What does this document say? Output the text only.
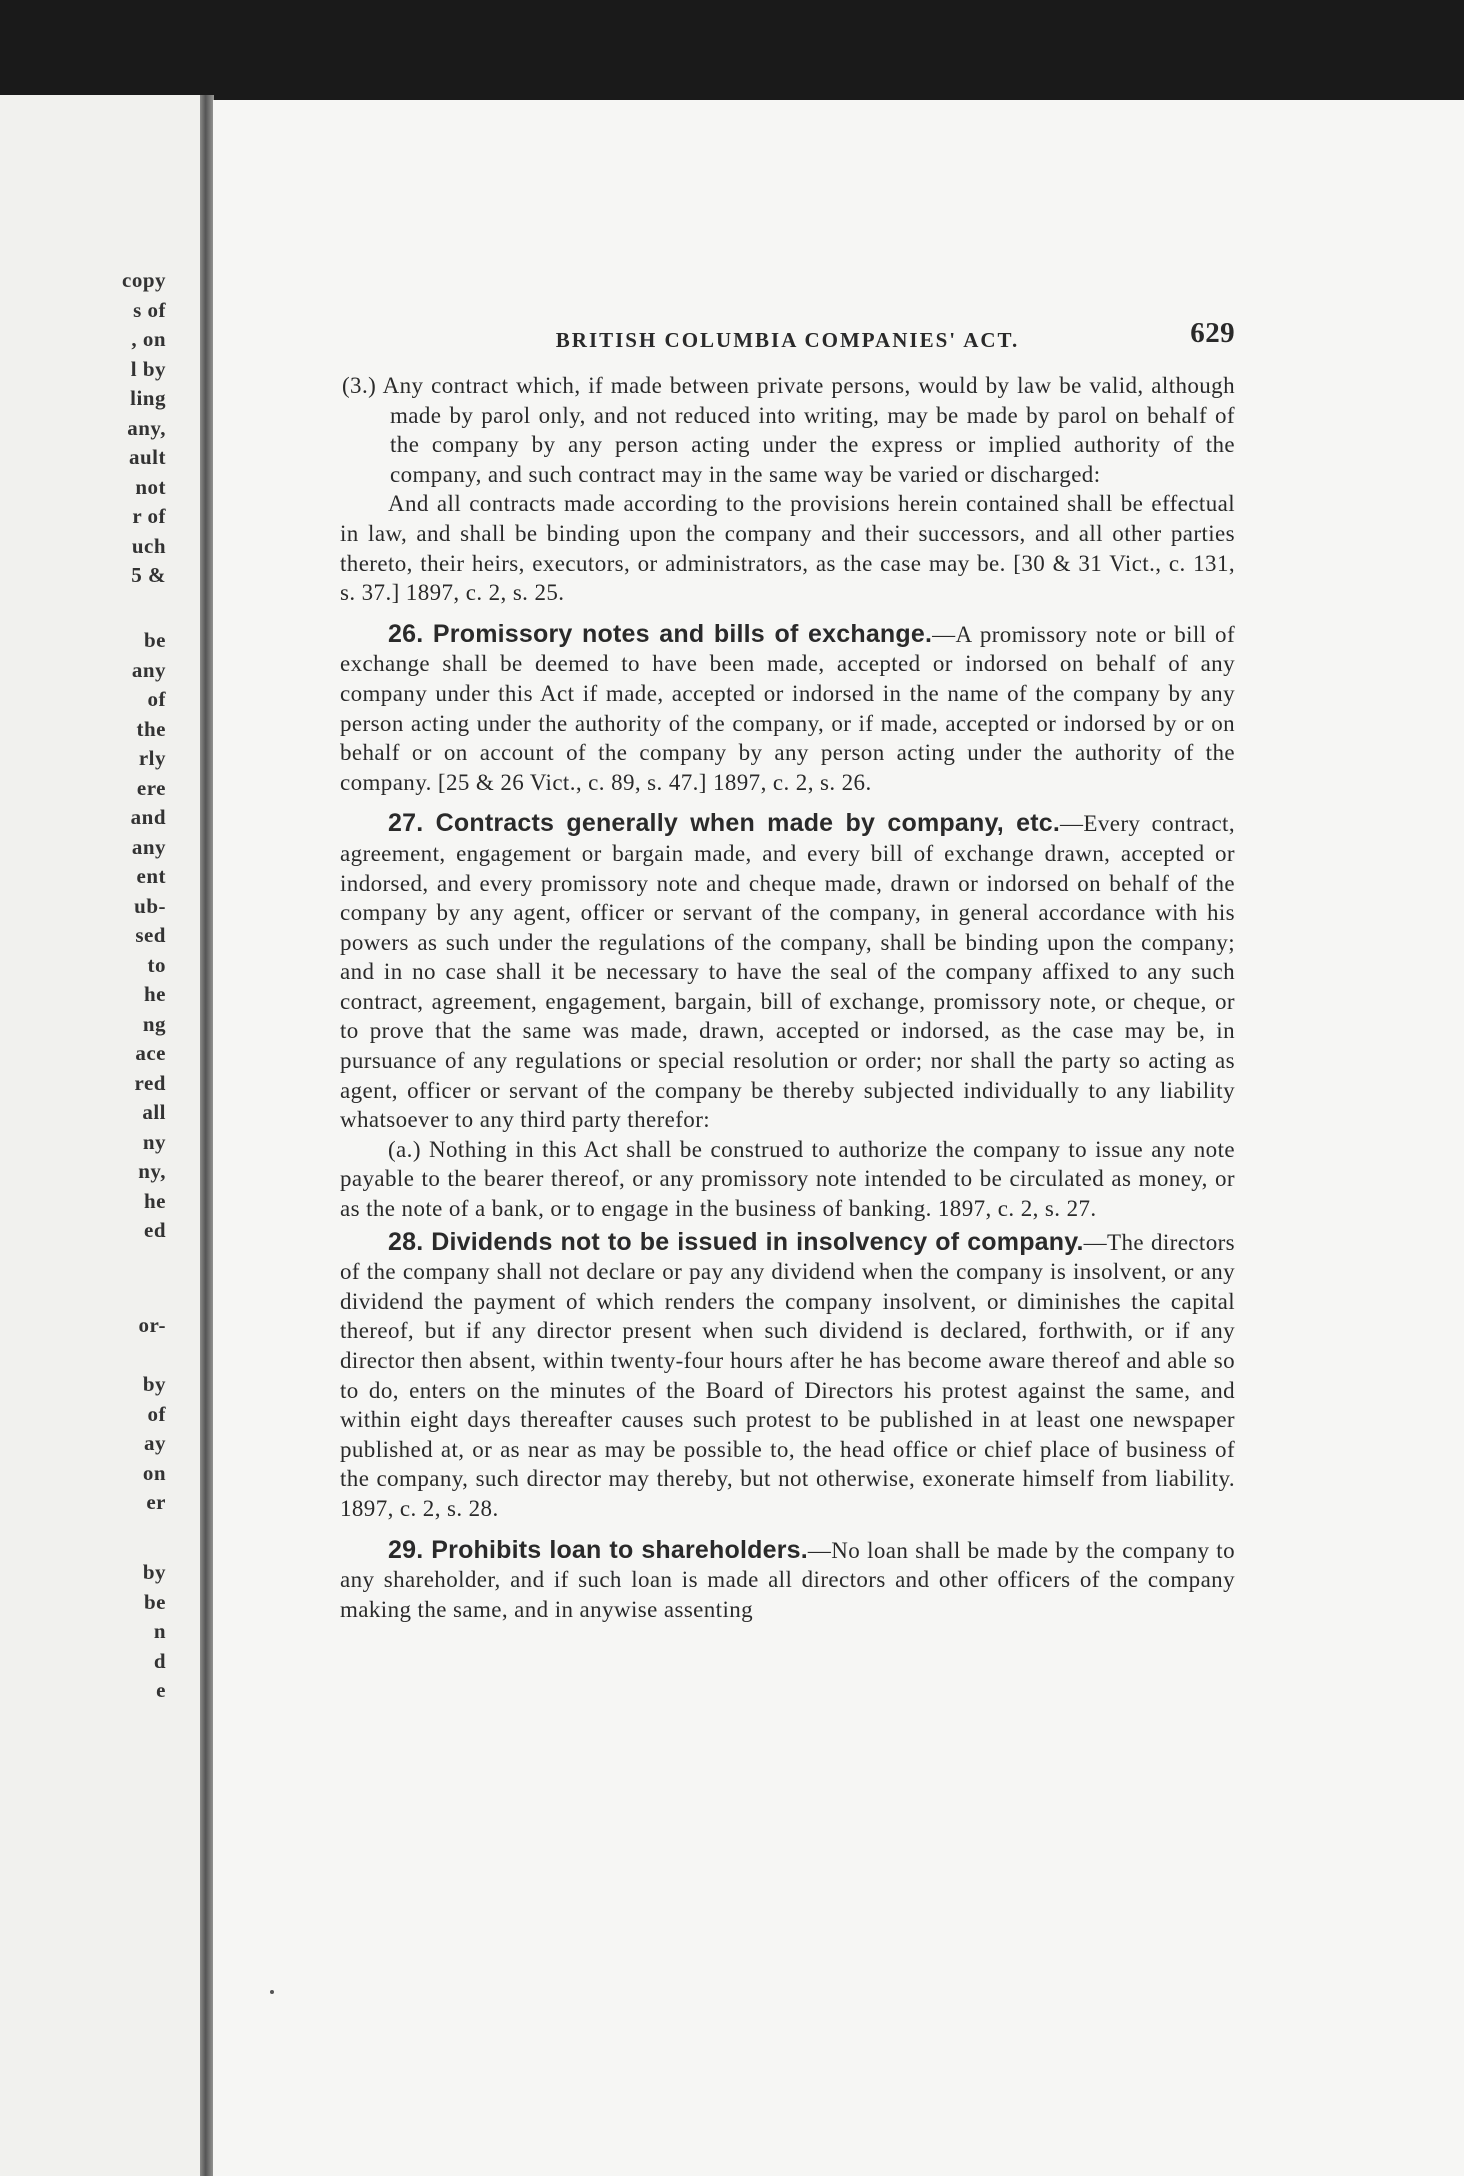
copy
s of
, on
l by
ling
any,
ault
not
r of
uch
5 &
be
any
of
the
rly
ere
and
any
ent
ub-
sed
to
he
ng
ace
red
all
ny
ny,
he
ed
or-
by
of
ay
on
er
by
be
n
d
e
BRITISH COLUMBIA COMPANIES' ACT.	629

(3.) Any contract which, if made between private persons, would by law be valid, although made by parol only, and not reduced into writing, may be made by parol on behalf of the company by any person acting under the express or implied authority of the company, and such contract may in the same way be varied or discharged:

And all contracts made according to the provisions herein contained shall be effectual in law, and shall be binding upon the company and their successors, and all other parties thereto, their heirs, executors, or administrators, as the case may be. [30 & 31 Vict., c. 131, s. 37.] 1897, c. 2, s. 25.

26. Promissory notes and bills of exchange.—A promissory note or bill of exchange shall be deemed to have been made, accepted or indorsed on behalf of any company under this Act if made, accepted or indorsed in the name of the company by any person acting under the authority of the company, or if made, accepted or indorsed by or on behalf or on account of the company by any person acting under the authority of the company. [25 & 26 Vict., c. 89, s. 47.] 1897, c. 2, s. 26.

27. Contracts generally when made by company, etc.—Every contract, agreement, engagement or bargain made, and every bill of exchange drawn, accepted or indorsed, and every promissory note and cheque made, drawn or indorsed on behalf of the company by any agent, officer or servant of the company, in general accordance with his powers as such under the regulations of the company, shall be binding upon the company; and in no case shall it be necessary to have the seal of the company affixed to any such contract, agreement, engagement, bargain, bill of exchange, promissory note, or cheque, or to prove that the same was made, drawn, accepted or indorsed, as the case may be, in pursuance of any regulations or special resolution or order; nor shall the party so acting as agent, officer or servant of the company be thereby subjected individually to any liability whatsoever to any third party therefor:

(a.) Nothing in this Act shall be construed to authorize the company to issue any note payable to the bearer thereof, or any promissory note intended to be circulated as money, or as the note of a bank, or to engage in the business of banking. 1897, c. 2, s. 27.

28. Dividends not to be issued in insolvency of company.—The directors of the company shall not declare or pay any dividend when the company is insolvent, or any dividend the payment of which renders the company insolvent, or diminishes the capital thereof, but if any director present when such dividend is declared, forthwith, or if any director then absent, within twenty-four hours after he has become aware thereof and able so to do, enters on the minutes of the Board of Directors his protest against the same, and within eight days thereafter causes such protest to be published in at least one newspaper published at, or as near as may be possible to, the head office or chief place of business of the company, such director may thereby, but not otherwise, exonerate himself from liability. 1897, c. 2, s. 28.

29. Prohibits loan to shareholders.—No loan shall be made by the company to any shareholder, and if such loan is made all directors and other officers of the company making the same, and in anywise assenting
